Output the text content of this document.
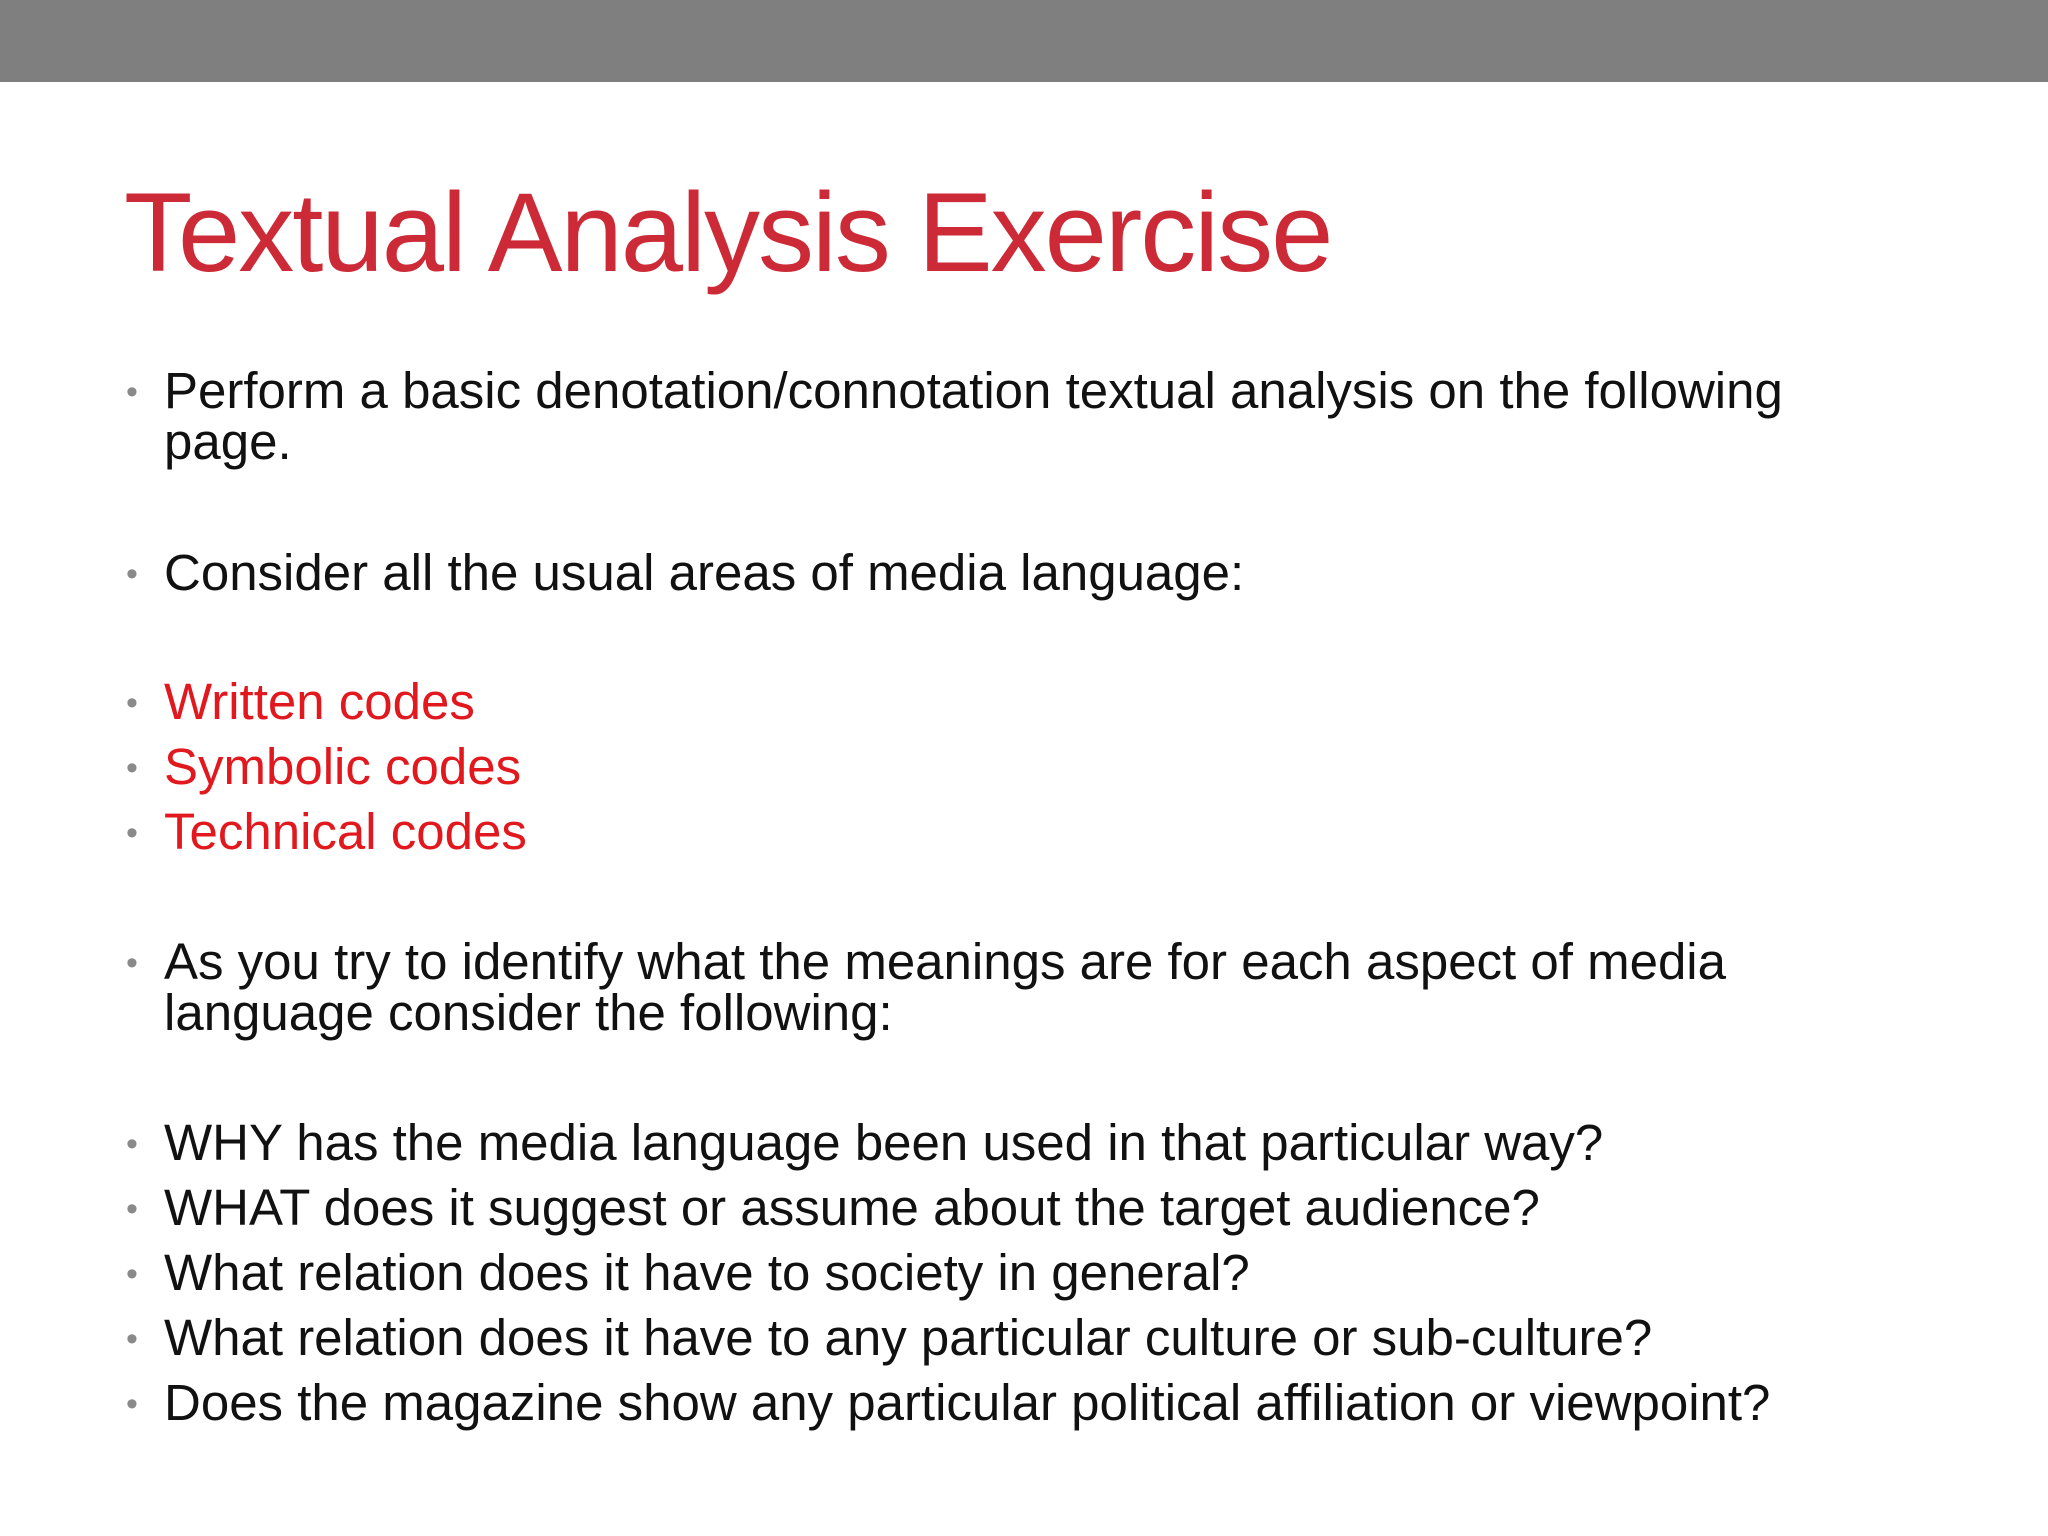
Textual Analysis Exercise
• Perform a basic denotation/connotation textual analysis on the following
page.
• Consider all the usual areas of media language:
• Written codes
• Symbolic codes
• Technical codes
• As you try to identify what the meanings are for each aspect of media
language consider the following:
• WHY has the media language been used in that particular way?
• WHAT does it suggest or assume about the target audience?
• What relation does it have to society in general?
• What relation does it have to any particular culture or sub-culture?
• Does the magazine show any particular political affiliation or viewpoint?
